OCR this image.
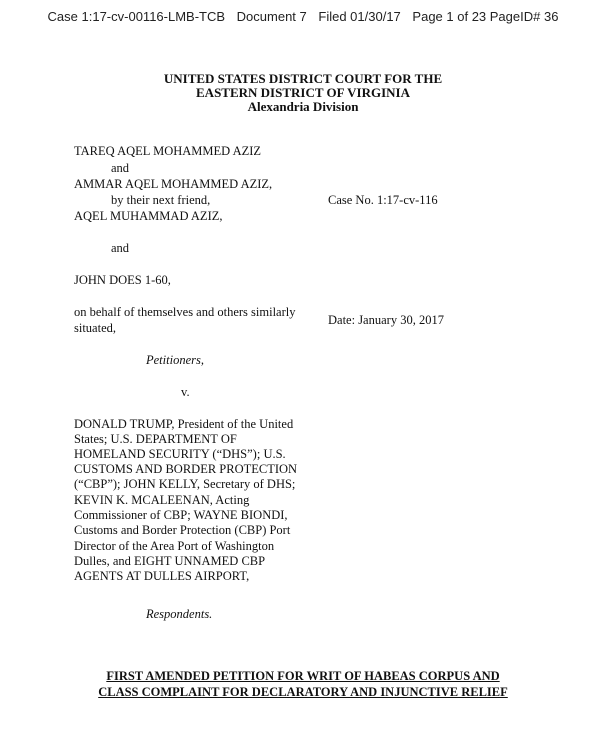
Case 1:17-cv-00116-LMB-TCB Document 7 Filed 01/30/17 Page 1 of 23 PageID# 36
UNITED STATES DISTRICT COURT FOR THE
EASTERN DISTRICT OF VIRGINIA
Alexandria Division
TAREQ AQEL MOHAMMED AZIZ
and
AMMAR AQEL MOHAMMED AZIZ,
by their next friend,
AQEL MUHAMMAD AZIZ,
and
JOHN DOES 1-60,
on behalf of themselves and others similarly
situated,
Petitioners,
v.
Case No. 1:17-cv-116
Date: January 30, 2017
DONALD TRUMP, President of the United
States; U.S. DEPARTMENT OF
HOMELAND SECURITY (“DHS”); U.S.
CUSTOMS AND BORDER PROTECTION
(“CBP”); JOHN KELLY, Secretary of DHS;
KEVIN K. MCALEENAN, Acting
Commissioner of CBP; WAYNE BIONDI,
Customs and Border Protection (CBP) Port
Director of the Area Port of Washington
Dulles, and EIGHT UNNAMED CBP
AGENTS AT DULLES AIRPORT,
Respondents.
FIRST AMENDED PETITION FOR WRIT OF HABEAS CORPUS AND
CLASS COMPLAINT FOR DECLARATORY AND INJUNCTIVE RELIEF
